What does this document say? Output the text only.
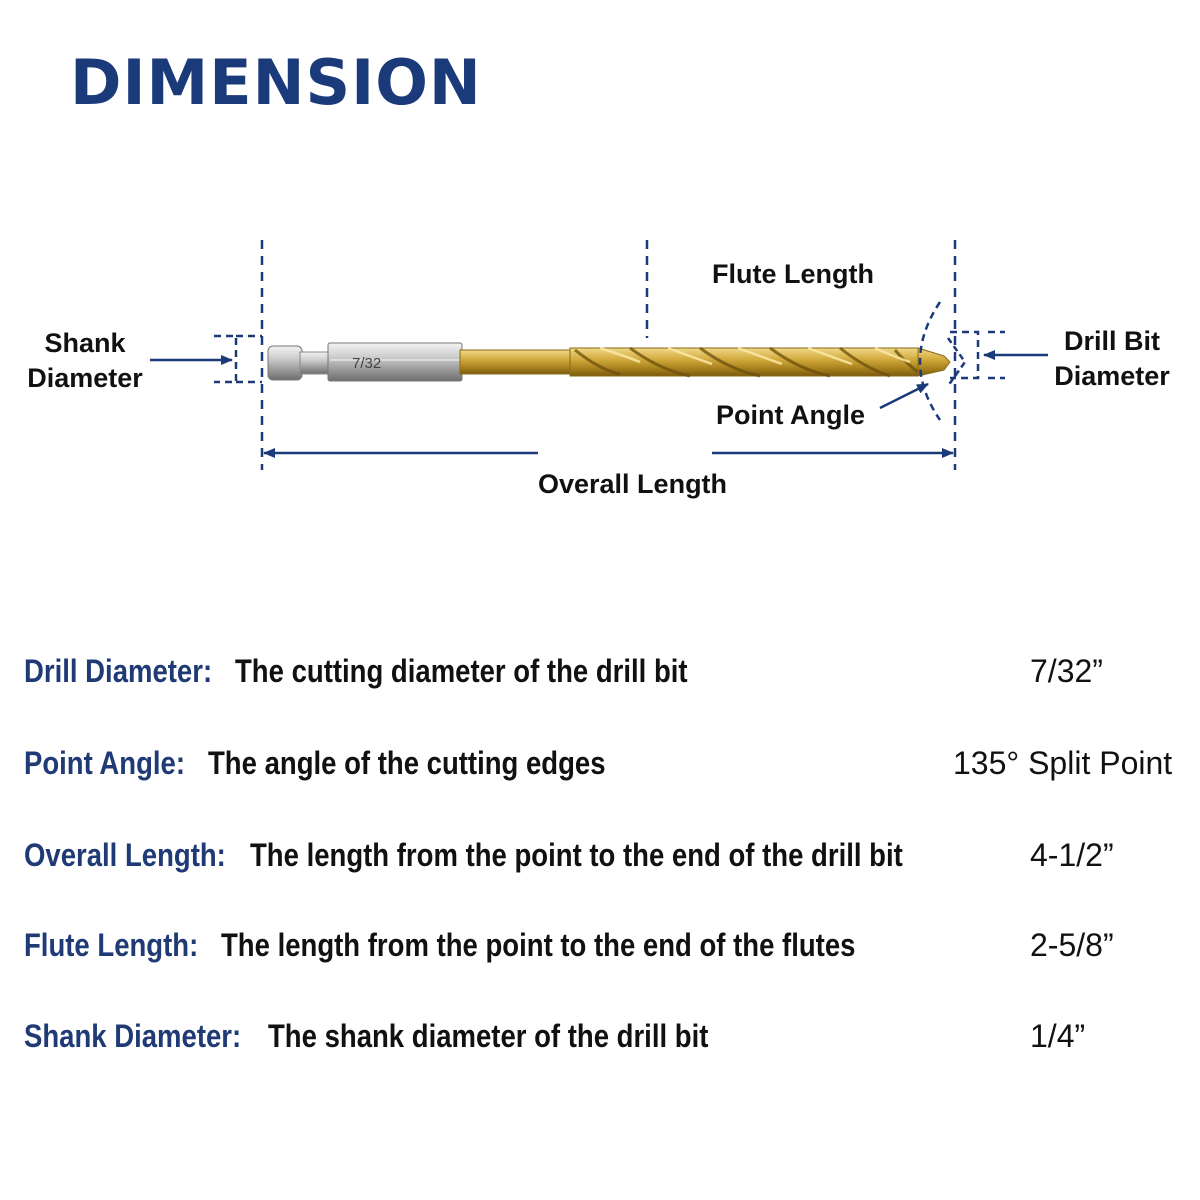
DIMENSION
7/32
Flute Length
Shank
Diameter
Drill Bit
Diameter
Point Angle
Overall Length
Drill Diameter: The cutting diameter of the drill bit	7/32”
Point Angle: The angle of the cutting edges	135° Split Point
Overall Length: The length from the point to the end of the drill bit	4-1/2”
Flute Length: The length from the point to the end of the flutes	2-5/8”
Shank Diameter: The shank diameter of the drill bit	1/4”
